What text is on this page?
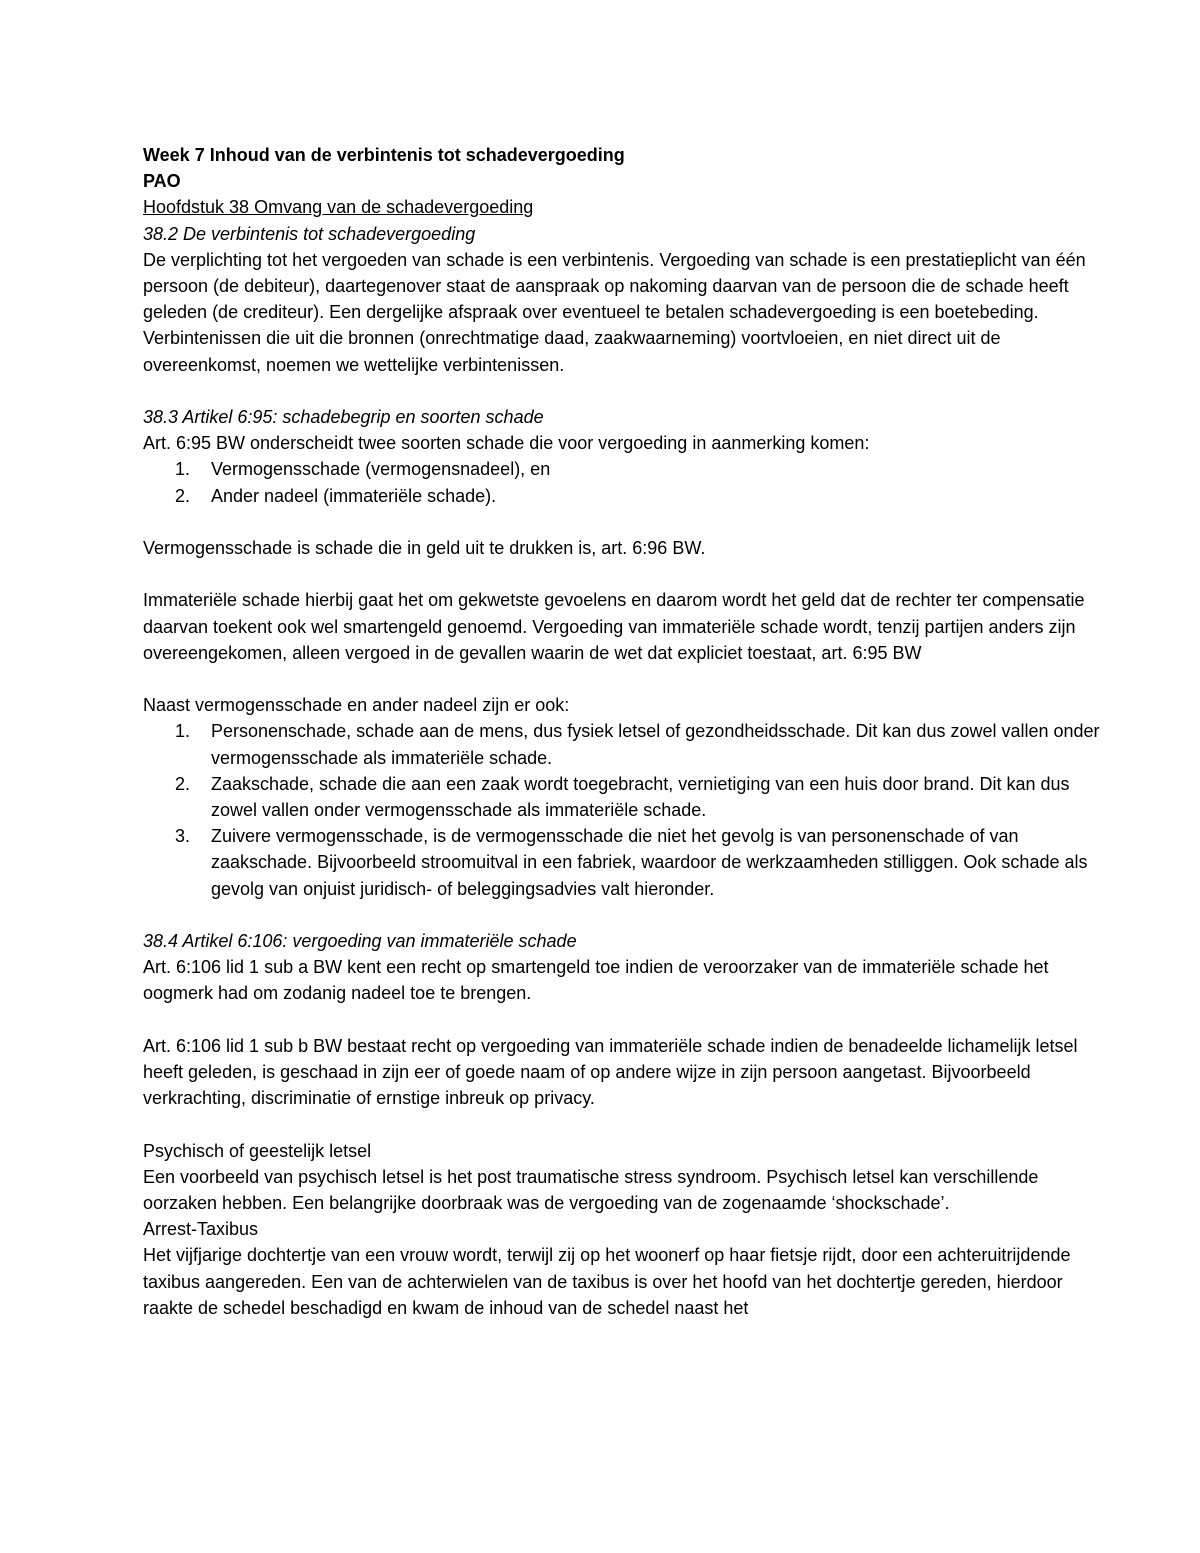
Week 7 Inhoud van de verbintenis tot schadevergoeding

PAO

Hoofdstuk 38 Omvang van de schadevergoeding

38.2 De verbintenis tot schadevergoeding

De verplichting tot het vergoeden van schade is een verbintenis. Vergoeding van schade is een prestatieplicht van één persoon (de debiteur), daartegenover staat de aanspraak op nakoming daarvan van de persoon die de schade heeft geleden (de crediteur). Een dergelijke afspraak over eventueel te betalen schadevergoeding is een boetebeding. Verbintenissen die uit die bronnen (onrechtmatige daad, zaakwaarneming) voortvloeien, en niet direct uit de overeenkomst, noemen we wettelijke verbintenissen.

38.3 Artikel 6:95: schadebegrip en soorten schade

Art. 6:95 BW onderscheidt twee soorten schade die voor vergoeding in aanmerking komen:

1.	Vermogensschade (vermogensnadeel), en
2.	Ander nadeel (immateriële schade).

Vermogensschade is schade die in geld uit te drukken is, art. 6:96 BW.

Immateriële schade hierbij gaat het om gekwetste gevoelens en daarom wordt het geld dat de rechter ter compensatie daarvan toekent ook wel smartengeld genoemd. Vergoeding van immateriële schade wordt, tenzij partijen anders zijn overeengekomen, alleen vergoed in de gevallen waarin de wet dat expliciet toestaat, art. 6:95 BW

Naast vermogensschade en ander nadeel zijn er ook:

1.	Personenschade, schade aan de mens, dus fysiek letsel of gezondheidsschade. Dit kan dus zowel vallen onder vermogensschade als immateriële schade.
2.	Zaakschade, schade die aan een zaak wordt toegebracht, vernietiging van een huis door brand. Dit kan dus zowel vallen onder vermogensschade als immateriële schade.
3.	Zuivere vermogensschade, is de vermogensschade die niet het gevolg is van personenschade of van zaakschade. Bijvoorbeeld stroomuitval in een fabriek, waardoor de werkzaamheden stilliggen. Ook schade als gevolg van onjuist juridisch- of beleggingsadvies valt hieronder.

38.4 Artikel 6:106: vergoeding van immateriële schade

Art. 6:106 lid 1 sub a BW kent een recht op smartengeld toe indien de veroorzaker van de immateriële schade het oogmerk had om zodanig nadeel toe te brengen.

Art. 6:106 lid 1 sub b BW bestaat recht op vergoeding van immateriële schade indien de benadeelde lichamelijk letsel heeft geleden, is geschaad in zijn eer of goede naam of op andere wijze in zijn persoon aangetast. Bijvoorbeeld verkrachting, discriminatie of ernstige inbreuk op privacy.

Psychisch of geestelijk letsel

Een voorbeeld van psychisch letsel is het post traumatische stress syndroom. Psychisch letsel kan verschillende oorzaken hebben. Een belangrijke doorbraak was de vergoeding van de zogenaamde ‘shockschade’.

Arrest-Taxibus

Het vijfjarige dochtertje van een vrouw wordt, terwijl zij op het woonerf op haar fietsje rijdt, door een achteruitrijdende taxibus aangereden. Een van de achterwielen van de taxibus is over het hoofd van het dochtertje gereden, hierdoor raakte de schedel beschadigd en kwam de inhoud van de schedel naast het
